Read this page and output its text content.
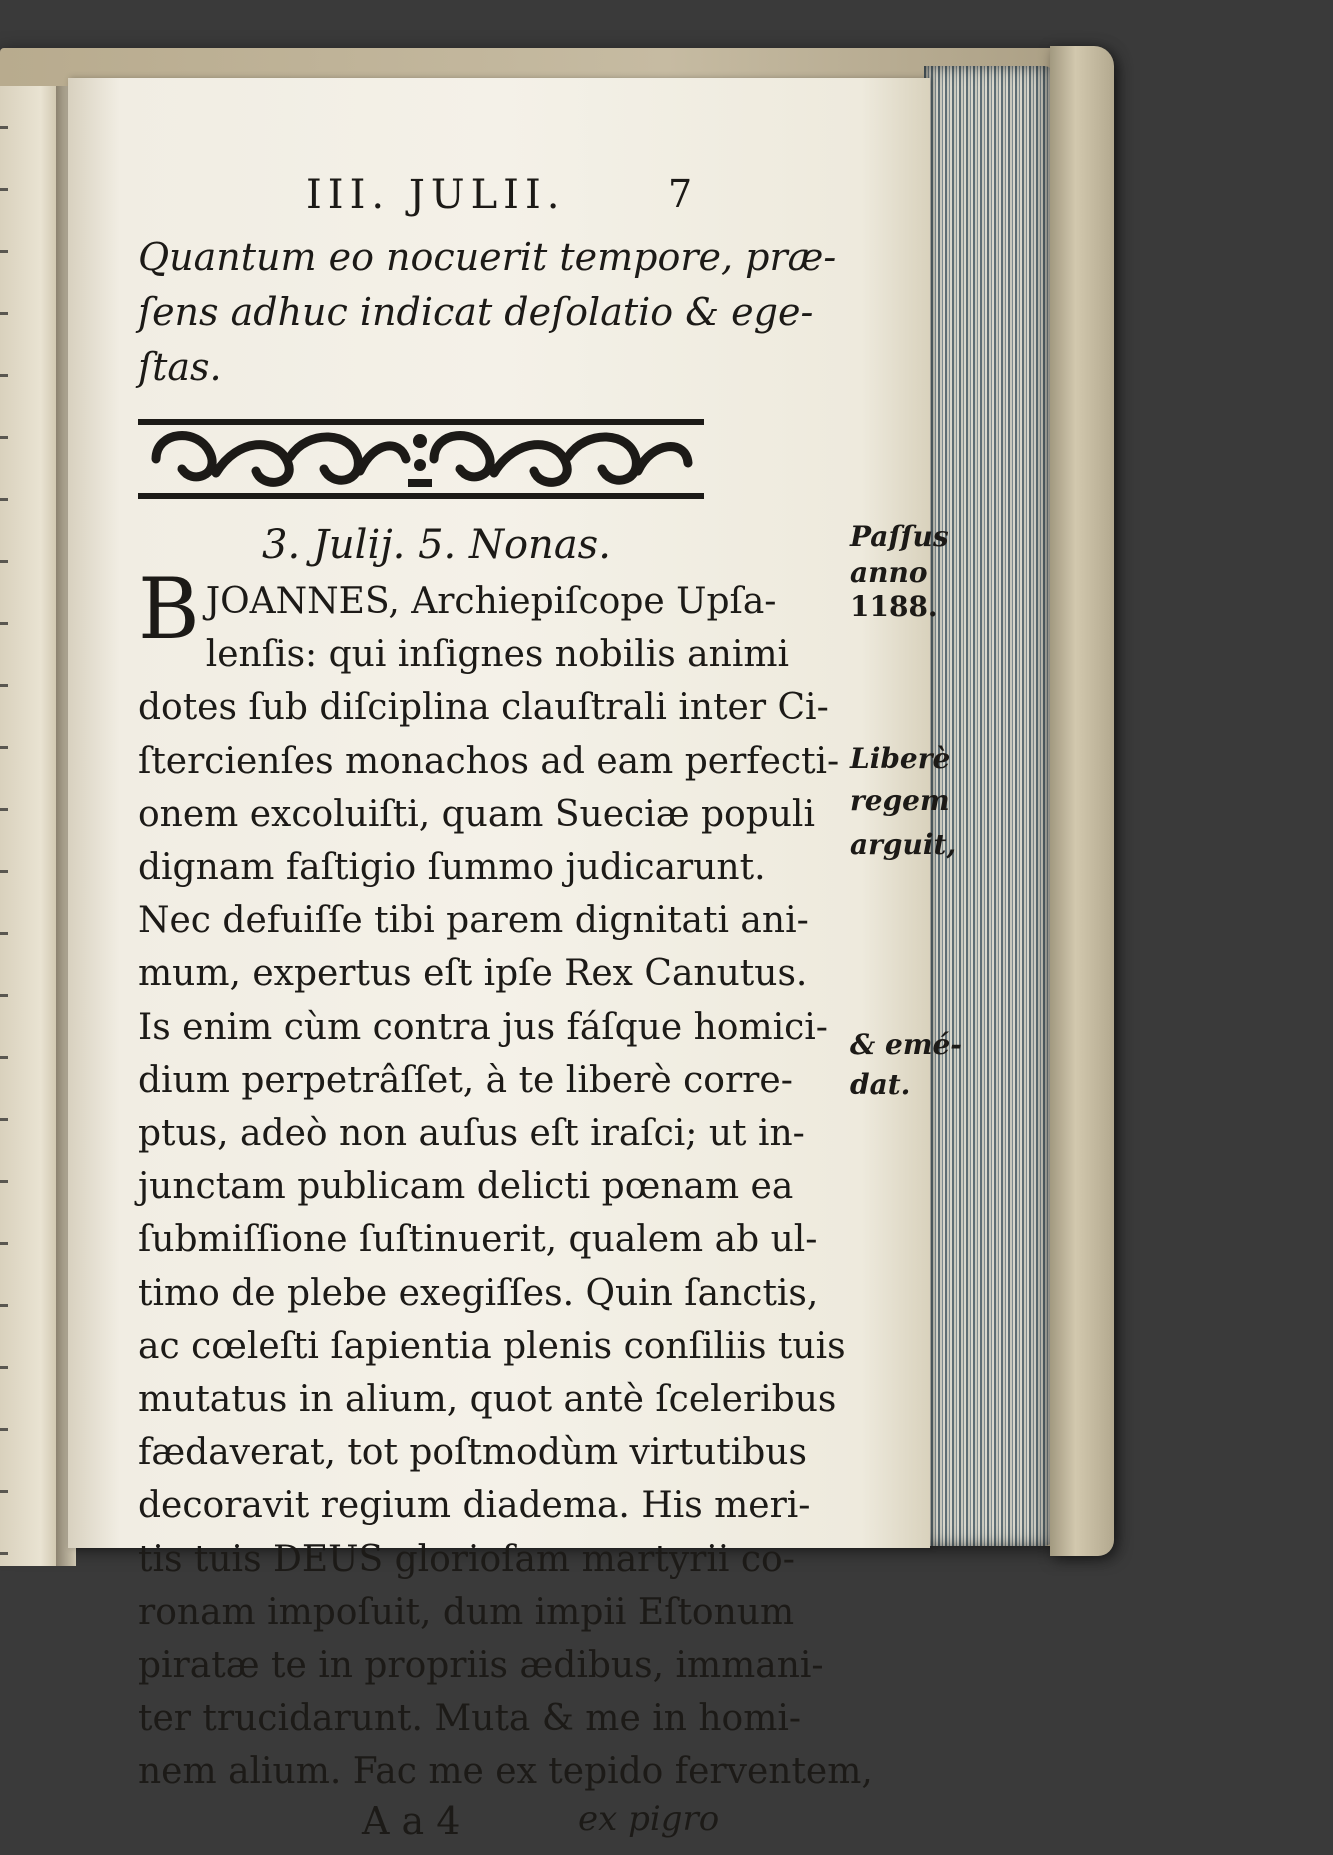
III. JULII.	7
Quantum eo nocuerit tempore, præ-
ſens adhuc indicat deſolatio & ege-
ſtas.
3. Julij. 5. Nonas.
BJOANNES, Archiepiſcope Upſa-
lenſis: qui inſignes nobilis animi
dotes ſub diſciplina clauſtrali inter Ci-
ſtercienſes monachos ad eam perfecti-
onem excoluiſti, quam Sueciæ populi
dignam faſtigio ſummo judicarunt.
Nec defuiſſe tibi parem dignitati ani-
mum, expertus eſt ipſe Rex Canutus.
Is enim cùm contra jus fáſque homici-
dium perpetrâſſet, à te liberè corre-
ptus, adeò non auſus eſt iraſci; ut in-
junctam publicam delicti pœnam ea
ſubmiſſione ſuſtinuerit, qualem ab ul-
timo de plebe exegiſſes. Quin ſanctis,
ac cœleſti ſapientia plenis conſiliis tuis
mutatus in alium, quot antè ſceleribus
fædaverat, tot poſtmodùm virtutibus
decoravit regium diadema. His meri-
tis tuis DEUS glorioſam martyrii co-
ronam impoſuit, dum impii Eſtonum
piratæ te in propriis ædibus, immani-
ter trucidarunt. Muta & me in homi-
nem alium. Fac me ex tepido ferventem,
A a 4	ex pigro
Paſſus
anno
1188.
Liberè
regem
arguit,
& emé-
dat.
